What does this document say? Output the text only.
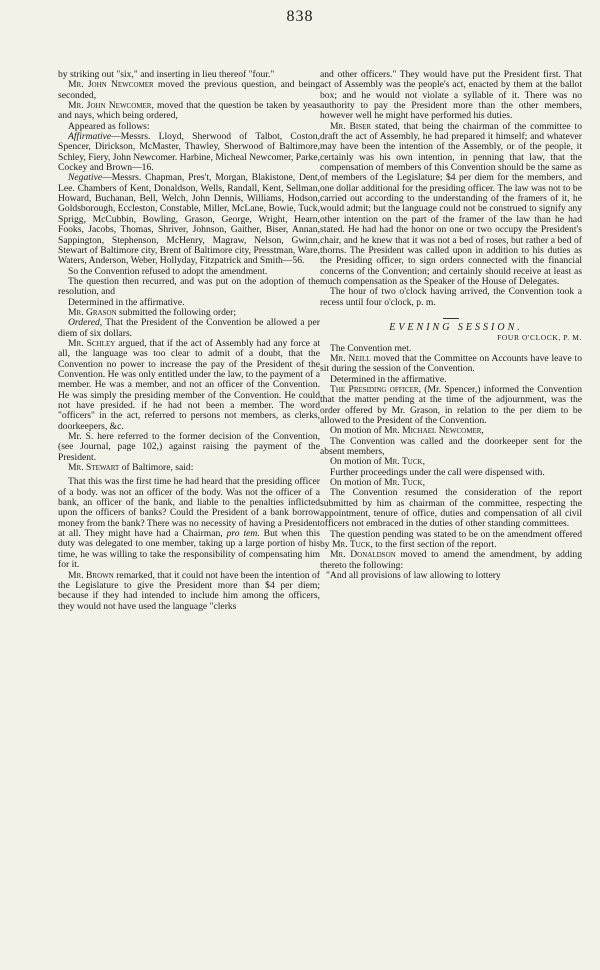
838

by striking out "six," and inserting in lieu thereof "four."

Mr. John Newcomer moved the previous question, and being seconded,

Mr. John Newcomer, moved that the question be taken by yeas and nays, which being ordered,

Appeared as follows:

Affirmative—Messrs. Lloyd, Sherwood of Talbot, Coston, Spencer, Dirickson, McMaster, Thawley, Sherwood of Baltimore, Schley, Fiery, John Newcomer. Harbine, Micheal Newcomer, Parke, Cockey and Brown—16.

Negative—Messrs. Chapman, Pres't, Morgan, Blakistone, Dent, Lee. Chambers of Kent, Donaldson, Wells, Randall, Kent, Sellman, Howard, Buchanan, Bell, Welch, John Dennis, Williams, Hodson, Goldsborough, Eccleston, Constable, Miller, McLane, Bowie, Tuck, Sprigg, McCubbin, Bowling, Grason, George, Wright, Hearn, Fooks, Jacobs, Thomas, Shriver, Johnson, Gaither, Biser, Annan, Sappington, Stephenson, McHenry, Magraw, Nelson, Gwinn, Stewart of Baltimore city, Brent of Baltimore city, Presstman, Ware, Waters, Anderson, Weber, Hollyday, Fitzpatrick and Smith—56.

So the Convention refused to adopt the amendment.

The question then recurred, and was put on the adoption of the resolution, and

Determined in the affirmative.

Mr. Grason submitted the following order;

Ordered, That the President of the Convention be allowed a per diem of six dollars.

Mr. Schley argued, that if the act of Assembly had any force at all, the language was too clear to admit of a doubt, that the Convention no power to increase the pay of the President of the Convention. He was only entitled under the law, to the payment of a member. He was a member, and not an officer of the Convention. He was simply the presiding member of the Convention. He could not have presided. if he had not been a member. The word "officers" in the act, referred to persons not members, as clerks, doorkeepers, &c.

Mr. S. here referred to the former decision of the Convention, (see Journal, page 102,) against raising the payment of the President.

Mr. Stewart of Baltimore, said:

That this was the first time he had heard that the presiding officer of a body. was not an officer of the body. Was not the officer of a bank, an officer of the bank, and liable to the penalties inflicted upon the officers of banks? Could the President of a bank borrow money from the bank? There was no necessity of having a President at all. They might have had a Chairman, pro tem. But when this duty was delegated to one member, taking up a large portion of his time, he was willing to take the responsibility of compensating him for it.

Mr. Brown remarked, that it could not have been the intention of the Legislature to give the President more than $4 per diem; because if they had intended to include him among the officers, they would not have used the language "clerks

and other officers." They would have put the President first. That act of Assembly was the people's act, enacted by them at the ballot box; and he would not violate a syllable of it. There was no authority to pay the President more than the other members, however well he might have performed his duties.

Mr. Biser stated, that being the chairman of the committee to draft the act of Assembly, he had prepared it himself; and whatever may have been the intention of the Assembly, or of the people, it certainly was his own intention, in penning that law, that the compensation of members of this Convention should be the same as of members of the Legislature; $4 per diem for the members, and one dollar additional for the presiding officer. The law was not to be carried out according to the understanding of the framers of it, he would admit; but the language could not be construed to signify any other intention on the part of the framer of the law than he had stated. He had had the honor on one or two occupy the President's chair, and he knew that it was not a bed of roses, but rather a bed of thorns. The President was called upon in addition to his duties as the Presiding officer, to sign orders connected with the financial concerns of the Convention; and certainly should receive at least as much compensation as the Speaker of the House of Delegates.

The hour of two o'clock having arrived, the Convention took a recess until four o'clock, p. m.

EVENING SESSION.

FOUR O'CLOCK, P. M.

The Convention met.

Mr. Neill moved that the Committee on Accounts have leave to sit during the session of the Convention.

Determined in the affirmative.

The Presiding officer, (Mr. Spencer,) informed the Convention that the matter pending at the time of the adjournment, was the order offered by Mr. Grason, in relation to the per diem to be allowed to the President of the Convention.

On motion of Mr. Michael Newcomer,

The Convention was called and the doorkeeper sent for the absent members,

On motion of Mr. Tuck,

Further proceedings under the call were dispensed with.

On motion of Mr. Tuck,

The Convention resumed the consideration of the report submitted by him as chairman of the committee, respecting the appointment, tenure of office, duties and compensation of all civil officers not embraced in the duties of other standing committees.

The question pending was stated to be on the amendment offered by Mr. Tuck, to the first section of the report.

Mr. Donaldson moved to amend the amendment, by adding thereto the following:

"And all provisions of law allowing to lottery
